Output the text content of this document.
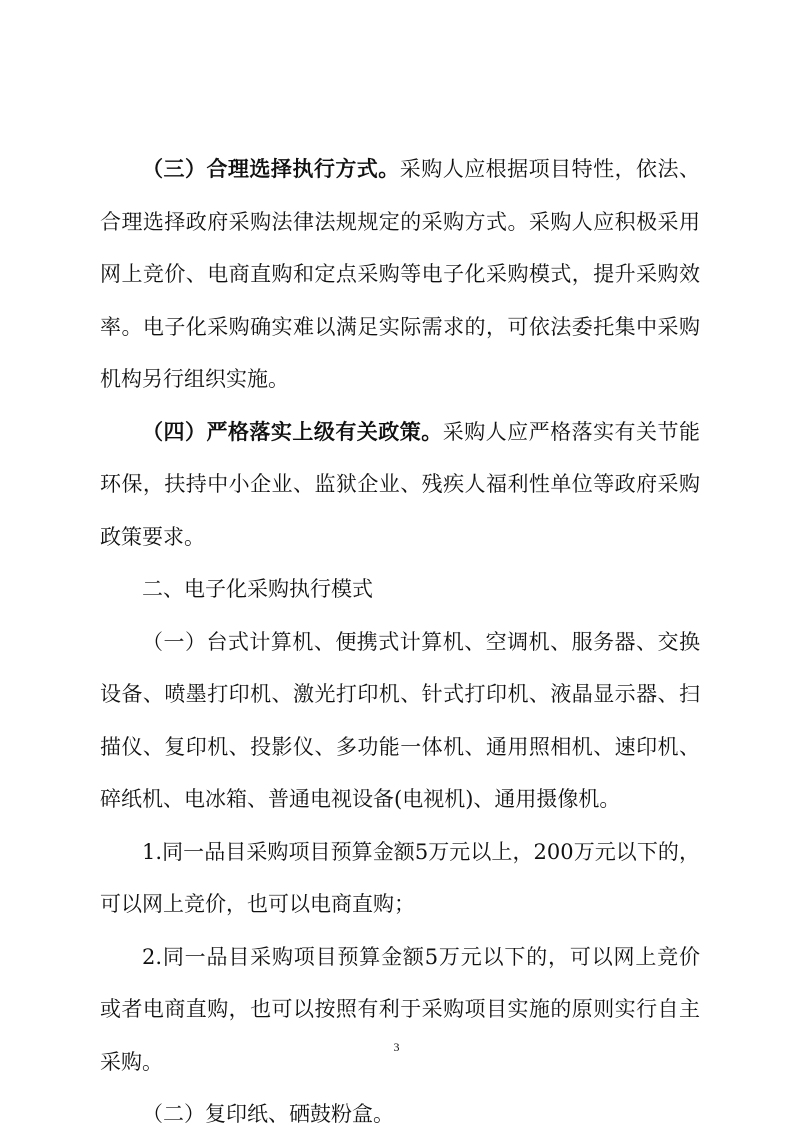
（三）合理选择执行方式。采购人应根据项目特性，依法、
合理选择政府采购法律法规规定的采购方式。采购人应积极采用
网上竞价、电商直购和定点采购等电子化采购模式，提升采购效
率。电子化采购确实难以满足实际需求的，可依法委托集中采购
机构另行组织实施。
（四）严格落实上级有关政策。采购人应严格落实有关节能
环保，扶持中小企业、监狱企业、残疾人福利性单位等政府采购
政策要求。
二、电子化采购执行模式
（一）台式计算机、便携式计算机、空调机、服务器、交换
设备、喷墨打印机、激光打印机、针式打印机、液晶显示器、扫
描仪、复印机、投影仪、多功能一体机、通用照相机、速印机、
碎纸机、电冰箱、普通电视设备(电视机)、通用摄像机。
1.同一品目采购项目预算金额5万元以上，200万元以下的，
可以网上竞价，也可以电商直购；
2.同一品目采购项目预算金额5万元以下的，可以网上竞价
或者电商直购，也可以按照有利于采购项目实施的原则实行自主
采购。
（二）复印纸、硒鼓粉盒。
3
